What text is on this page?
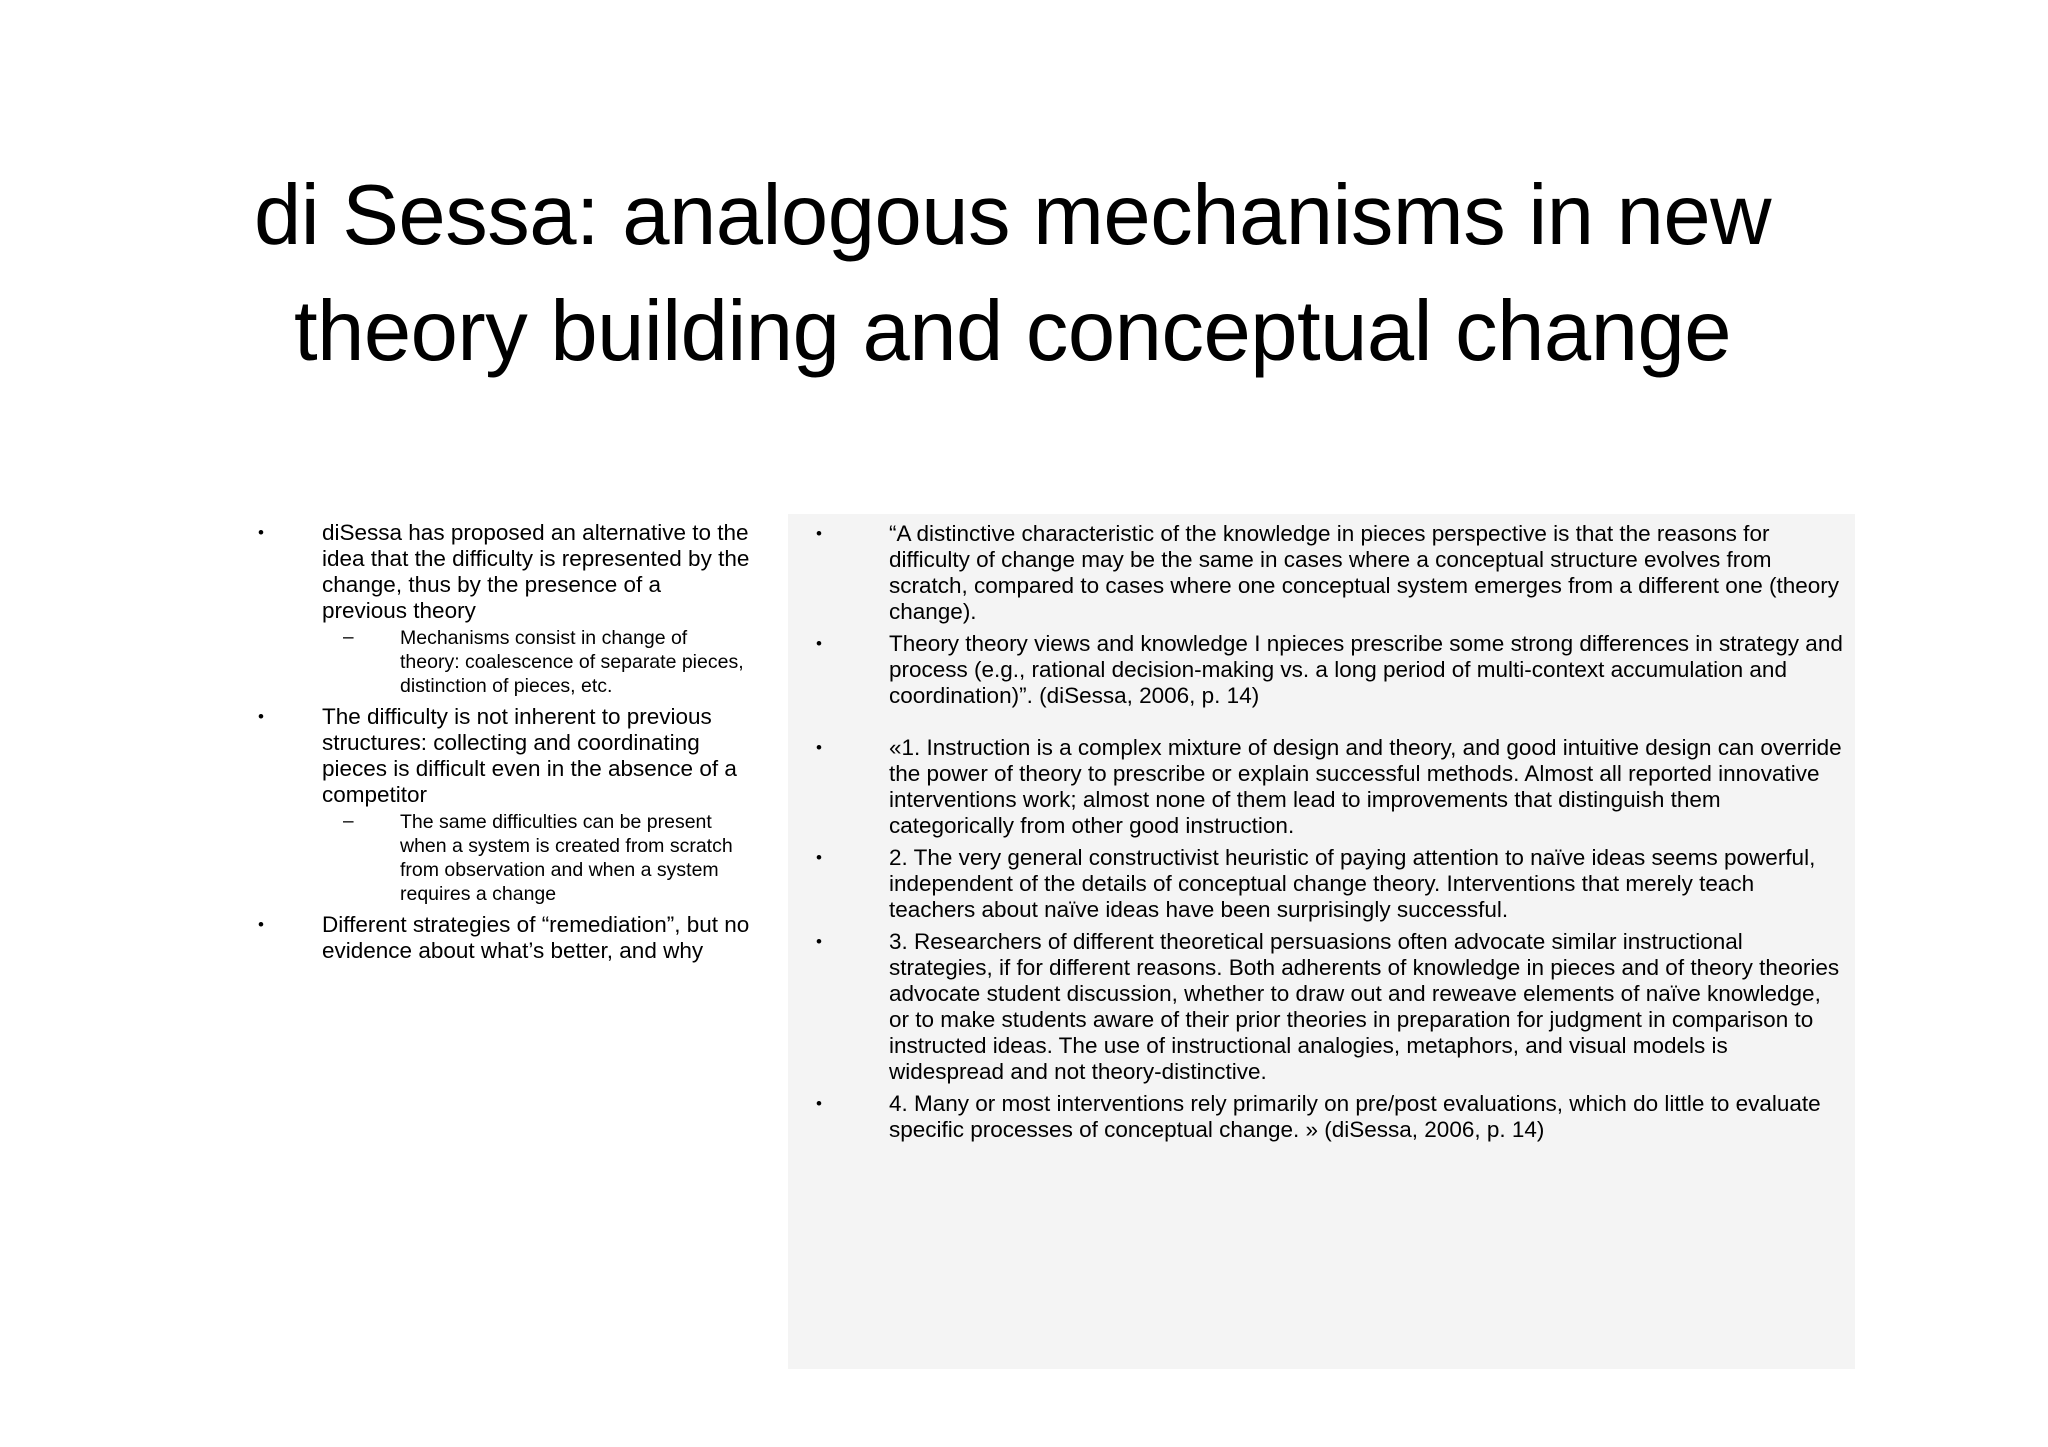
di Sessa: analogous mechanisms in new
theory building and conceptual change
•	diSessa has proposed an alternative to the idea that the difficulty is represented by the change, thus by the presence of a previous theory
– Mechanisms consist in change of theory: coalescence of separate pieces, distinction of pieces, etc.
•	The difficulty is not inherent to previous structures: collecting and coordinating pieces is difficult even in the absence of a competitor
– The same difficulties can be present when a system is created from scratch from observation and when a system requires a change
•	Different strategies of “remediation”, but no evidence about what’s better, and why
•	“A distinctive characteristic of the knowledge in pieces perspective is that the reasons for difficulty of change may be the same in cases where a conceptual structure evolves from scratch, compared to cases where one conceptual system emerges from a different one (theory change).
•	Theory theory views and knowledge I npieces prescribe some strong differences in strategy and process (e.g., rational decision-making vs. a long period of multi-context accumulation and coordination)”. (diSessa, 2006, p. 14)
•	«1. Instruction is a complex mixture of design and theory, and good intuitive design can override the power of theory to prescribe or explain successful methods. Almost all reported innovative interventions work; almost none of them lead to improvements that distinguish them categorically from other good instruction.
•	2. The very general constructivist heuristic of paying attention to naïve ideas seems powerful, independent of the details of conceptual change theory. Interventions that merely teach teachers about naïve ideas have been surprisingly successful.
•	3. Researchers of different theoretical persuasions often advocate similar instructional strategies, if for different reasons. Both adherents of knowledge in pieces and of theory theories advocate student discussion, whether to draw out and reweave elements of naïve knowledge, or to make students aware of their prior theories in preparation for judgment in comparison to instructed ideas. The use of instructional analogies, metaphors, and visual models is widespread and not theory-distinctive.
•	4. Many or most interventions rely primarily on pre/post evaluations, which do little to evaluate specific processes of conceptual change. » (diSessa, 2006, p. 14)
